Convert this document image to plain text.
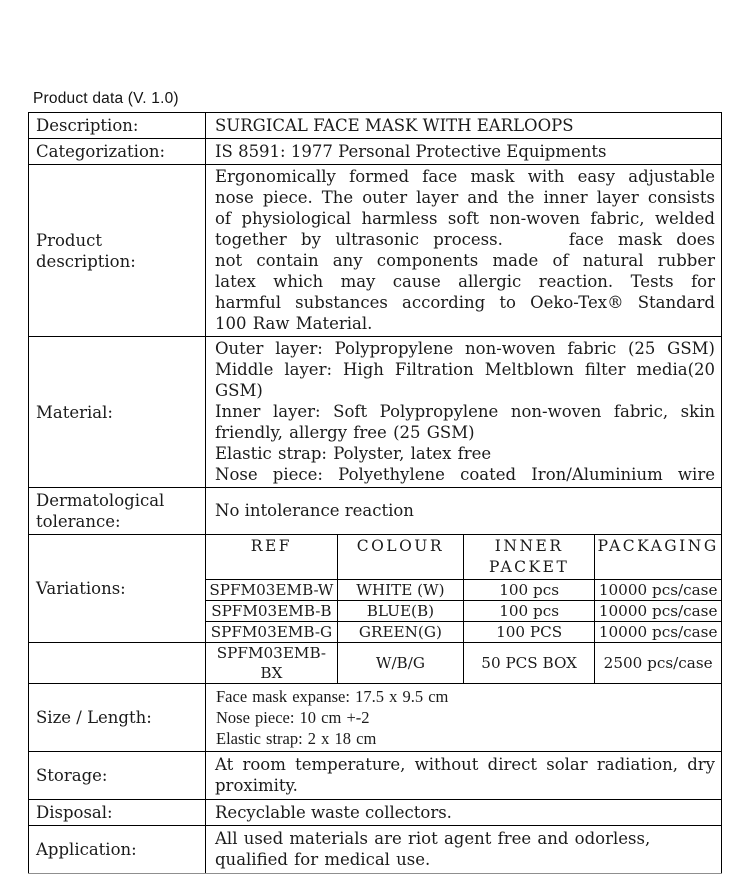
Product data (V. 1.0)
Description:	SURGICAL FACE MASK WITH EARLOOPS
Categorization:	IS 8591: 1977 Personal Protective Equipments

Product
description:

Ergonomically formed face mask with easy adjustable
nose piece. The outer layer and the inner layer consists
of physiological harmless soft non-woven fabric, welded
together by ultrasonic process.    face mask does
not contain any components made of natural rubber
latex which may cause allergic reaction. Tests for
harmful substances according to Oeko-Tex® Standard
100 Raw Material.

Material:	
Outer layer: Polypropylene non-woven fabric (25 GSM)
Middle layer: High Filtration Meltblown filter media(20
GSM)
Inner layer: Soft Polypropylene non-woven fabric, skin
friendly, allergy free (25 GSM)
Elastic strap: Polyster, latex free
Nose piece: Polyethylene coated Iron/Aluminium wire

Dermatological
tolerance:
	No intolerance reaction
Variations:	
REF	COLOUR	INNER PACKET	PACKAGING
SPFM03EMB-W	WHITE (W)	100 pcs	10000 pcs/case
SPFM03EMB-B	BLUE(B)	100 pcs	10000 pcs/case
SPFM03EMB-G	GREEN(G)	100 PCS	10000 pcs/case

SPFM03EMB-BX	W/B/G	50 PCS BOX	2500 pcs/case

Size / Length:	
Face mask expanse: 17.5 x 9.5 cm
Nose piece: 10 cm +-2
Elastic strap: 2 x 18 cm

Storage:	
At room temperature, without direct solar radiation, dry
proximity.

Disposal:	Recyclable waste collectors.
Application:	
All used materials are riot agent free and odorless,
qualified for medical use.
